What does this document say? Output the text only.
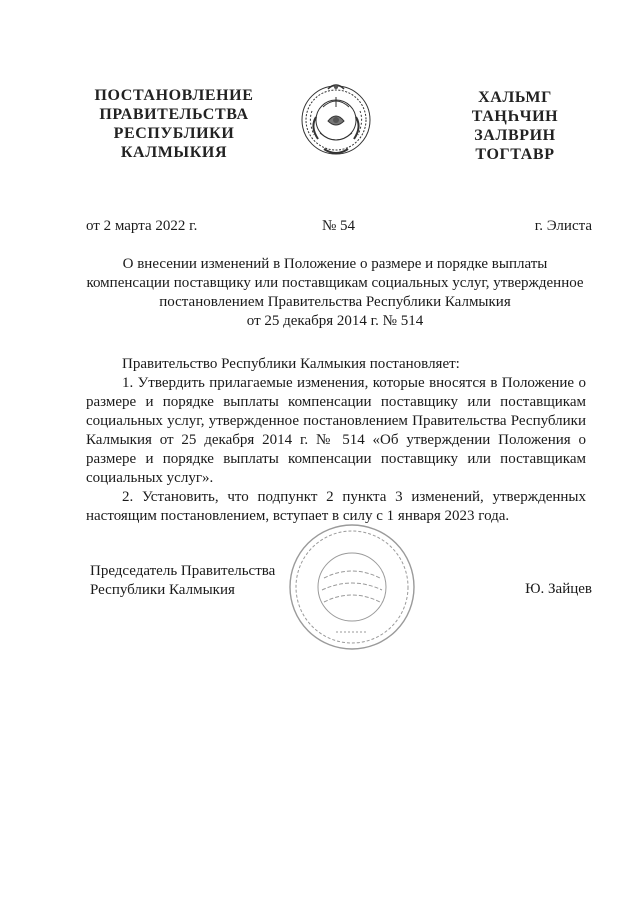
ПОСТАНОВЛЕНИЕ
ПРАВИТЕЛЬСТВА
РЕСПУБЛИКИ
КАЛМЫКИЯ
ХАЛЬМГ
ТАҢҺЧИН
ЗАЛВРИН
ТОГТАВР
от 2 марта 2022 г.	№ 54	г. Элиста
О внесении изменений в Положение о размере и порядке выплаты
компенсации поставщику или поставщикам социальных услуг, утвержденное
постановлением Правительства Республики Калмыкия
от 25 декабря 2014 г. № 514

Правительство Республики Калмыкия постановляет:

1. Утвердить прилагаемые изменения, которые вносятся в Положение о размере и порядке выплаты компенсации поставщику или поставщикам социальных услуг, утвержденное постановлением Правительства Республики Калмыкия от 25 декабря 2014 г. № 514 «Об утверждении Положения о размере и порядке выплаты компенсации поставщику или поставщикам социальных услуг».

2. Установить, что подпункт 2 пункта 3 изменений, утвержденных настоящим постановлением, вступает в силу с 1 января 2023 года.

Председатель Правительства
Республики Калмыкия	Ю. Зайцев
